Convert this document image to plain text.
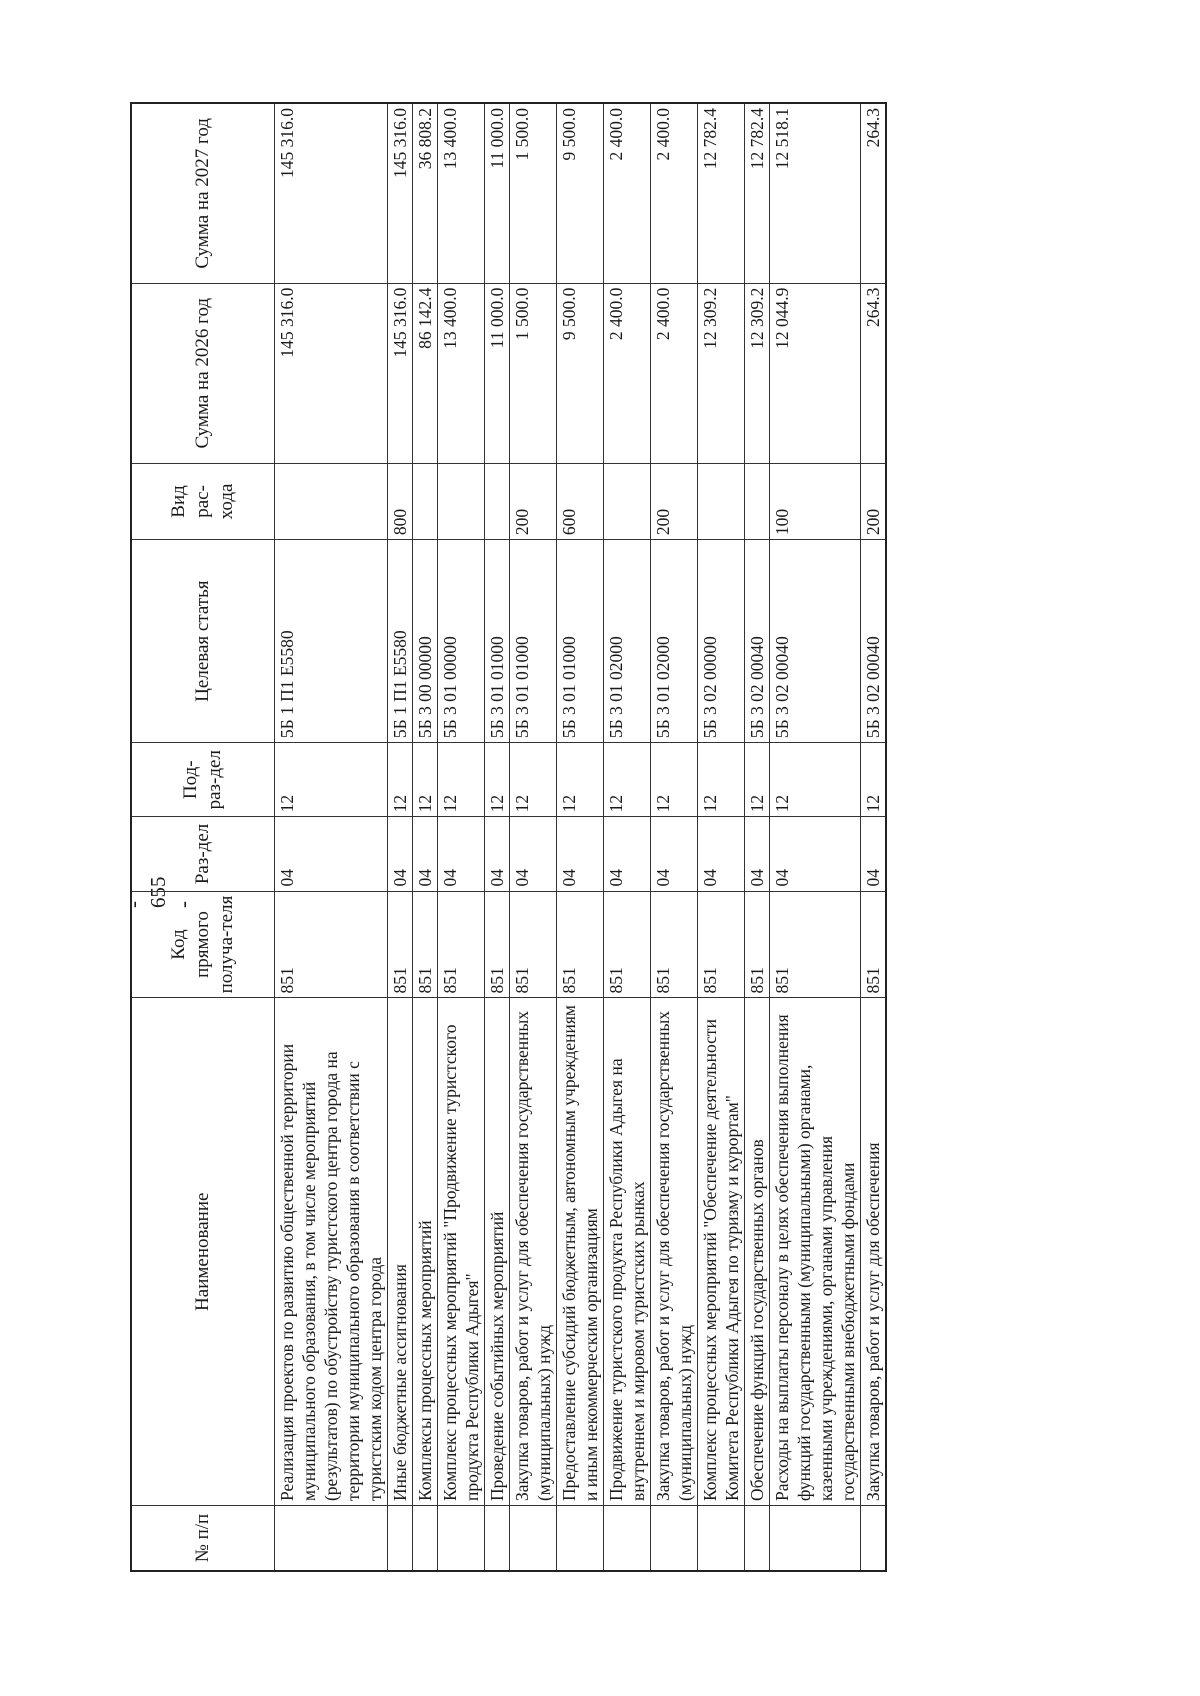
- 655 -
№ п/п	Наименование	Код прямого получа-теля	Раз-дел	Под-раз-дел	Целевая статья	Вид рас-хода	Сумма на 2026 год	Сумма на 2027 год
	Реализация проектов по развитию общественной территории муниципального образования, в том числе мероприятий (результатов) по обустройству туристского центра города на территории муниципального образования в соответствии с туристским кодом центра города	851	04	12	5Б 1 П1 Е5580		145 316.0	145 316.0
	Иные бюджетные ассигнования	851	04	12	5Б 1 П1 Е5580	800	145 316.0	145 316.0
	Комплексы процессных мероприятий	851	04	12	5Б 3 00 00000		86 142.4	36 808.2
	Комплекс процессных мероприятий "Продвижение туристского продукта Республики Адыгея"	851	04	12	5Б 3 01 00000		13 400.0	13 400.0
	Проведение событийных мероприятий	851	04	12	5Б 3 01 01000		11 000.0	11 000.0
	Закупка товаров, работ и услуг для обеспечения государственных (муниципальных) нужд	851	04	12	5Б 3 01 01000	200	1 500.0	1 500.0
	Предоставление субсидий бюджетным, автономным учреждениям и иным некоммерческим организациям	851	04	12	5Б 3 01 01000	600	9 500.0	9 500.0
	Продвижение туристского продукта Республики Адыгея на внутреннем и мировом туристских рынках	851	04	12	5Б 3 01 02000		2 400.0	2 400.0
	Закупка товаров, работ и услуг для обеспечения государственных (муниципальных) нужд	851	04	12	5Б 3 01 02000	200	2 400.0	2 400.0
	Комплекс процессных мероприятий "Обеспечение деятельности Комитета Республики Адыгея по туризму и курортам"	851	04	12	5Б 3 02 00000		12 309.2	12 782.4
	Обеспечение функций государственных органов	851	04	12	5Б 3 02 00040		12 309.2	12 782.4
	Расходы на выплаты персоналу в целях обеспечения выполнения функций государственными (муниципальными) органами, казенными учреждениями, органами управления государственными внебюджетными фондами	851	04	12	5Б 3 02 00040	100	12 044.9	12 518.1
	Закупка товаров, работ и услуг для обеспечения	851	04	12	5Б 3 02 00040	200	264.3	264.3
